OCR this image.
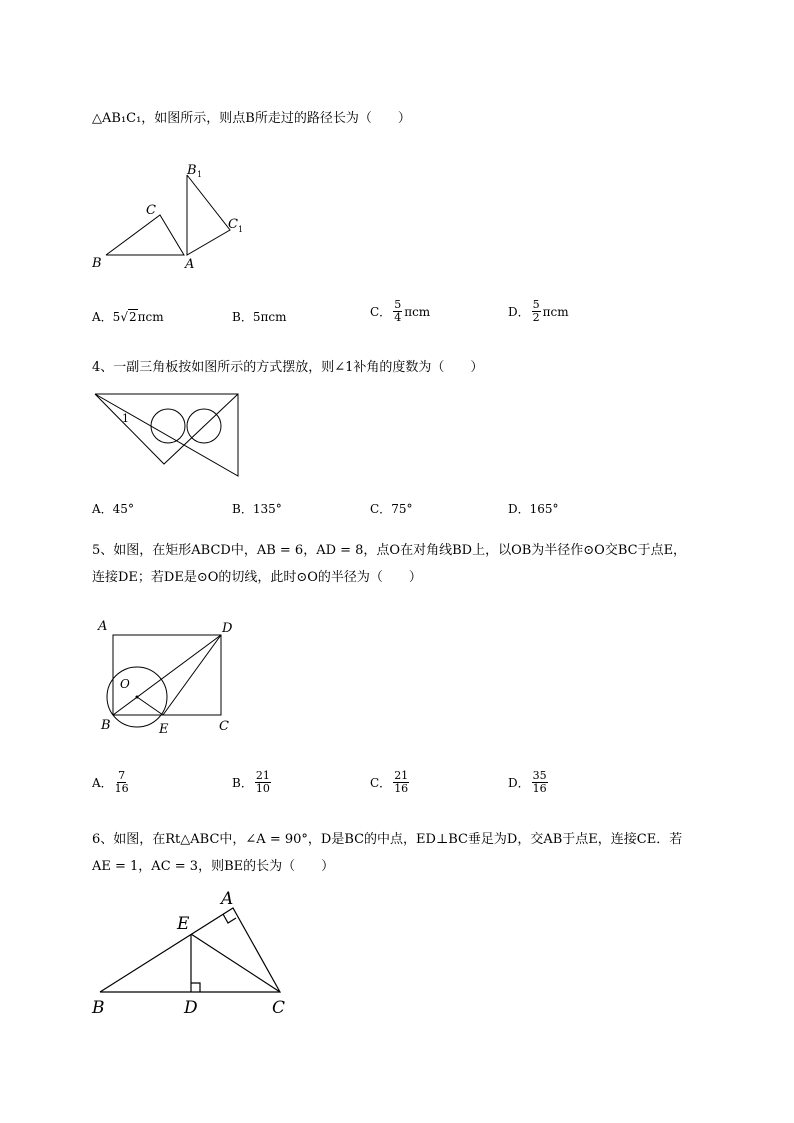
△AB₁C₁，如图所示，则点B所走过的路径长为（　　）
B 1
C
C 1
B	A
A． 5 √ 2 πcm	B． 5πcm	C． $\frac{5}{4}$ πcm	D． $\frac{5}{2}$ πcm
4、一副三角板按如图所示的方式摆放，则∠1补角的度数为（　　）
1
A． 45°	B． 135°	C． 75°	D． 165°
5、如图，在矩形ABCD中，AB = 6，AD = 8，点O在对角线BD上，以OB为半径作⊙O交BC于点E，
连接DE；若DE是⊙O的切线，此时⊙O的半径为（　　）
A	D
O
B	E	C
A． $\frac{7}{16}$	B． $\frac{21}{10}$	C． $\frac{21}{16}$	D． $\frac{35}{16}$
6、如图，在Rt△ABC中，∠A = 90°，D是BC的中点，ED⊥BC垂足为D，交AB于点E，连接CE．若
AE = 1，AC = 3，则BE的长为（　　）
A
E
B	D	C
